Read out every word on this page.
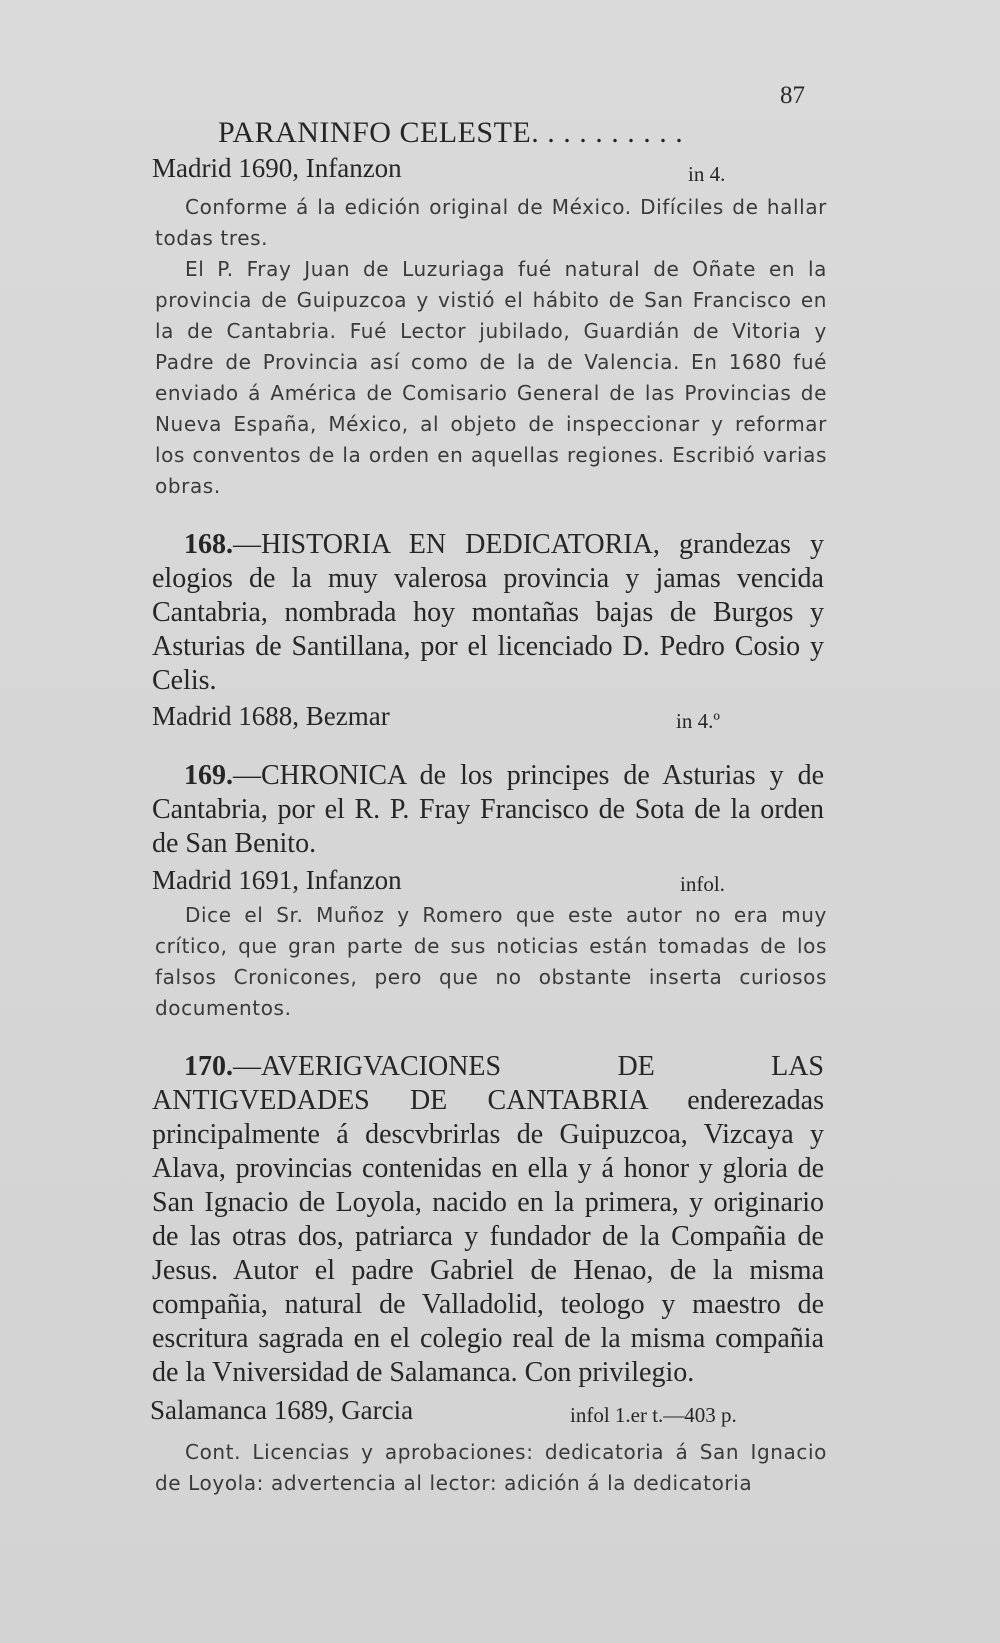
87
PARANINFO CELESTE. . . . . . . . . .
Madrid 1690, Infanzon	in 4.
Conforme á la edición original de México. Difíciles de hallar todas tres.
El P. Fray Juan de Luzuriaga fué natural de Oñate en la provincia de Guipuzcoa y vistió el hábito de San Francisco en la de Cantabria. Fué Lector jubilado, Guardián de Vitoria y Padre de Provincia así como de la de Valencia. En 1680 fué enviado á América de Comisario General de las Provincias de Nueva España, México, al objeto de inspeccionar y reformar los conventos de la orden en aquellas regiones. Escribió varias obras.
168.—HISTORIA EN DEDICATORIA, grandezas y elogios de la muy valerosa provincia y jamas vencida Cantabria, nombrada hoy montañas bajas de Burgos y Asturias de Santillana, por el licenciado D. Pedro Cosio y Celis.
Madrid 1688, Bezmar	in 4.º
169.—CHRONICA de los principes de Asturias y de Cantabria, por el R. P. Fray Francisco de Sota de la orden de San Benito.
Madrid 1691, Infanzon	infol.
Dice el Sr. Muñoz y Romero que este autor no era muy crítico, que gran parte de sus noticias están tomadas de los falsos Cronicones, pero que no obstante inserta curiosos documentos.
170.—AVERIGVACIONES DE LAS ANTIGVEDADES DE CANTABRIA enderezadas principalmente á descvbrirlas de Guipuzcoa, Vizcaya y Alava, provincias contenidas en ella y á honor y gloria de San Ignacio de Loyola, nacido en la primera, y originario de las otras dos, patriarca y fundador de la Compañia de Jesus. Autor el padre Gabriel de Henao, de la misma compañia, natural de Valladolid, teologo y maestro de escritura sagrada en el colegio real de la misma compañia de la Vniversidad de Salamanca. Con privilegio.
Salamanca 1689, Garcia	infol 1.er t.—403 p.
Cont. Licencias y aprobaciones: dedicatoria á San Ignacio de Loyola: advertencia al lector: adición á la dedicatoria
